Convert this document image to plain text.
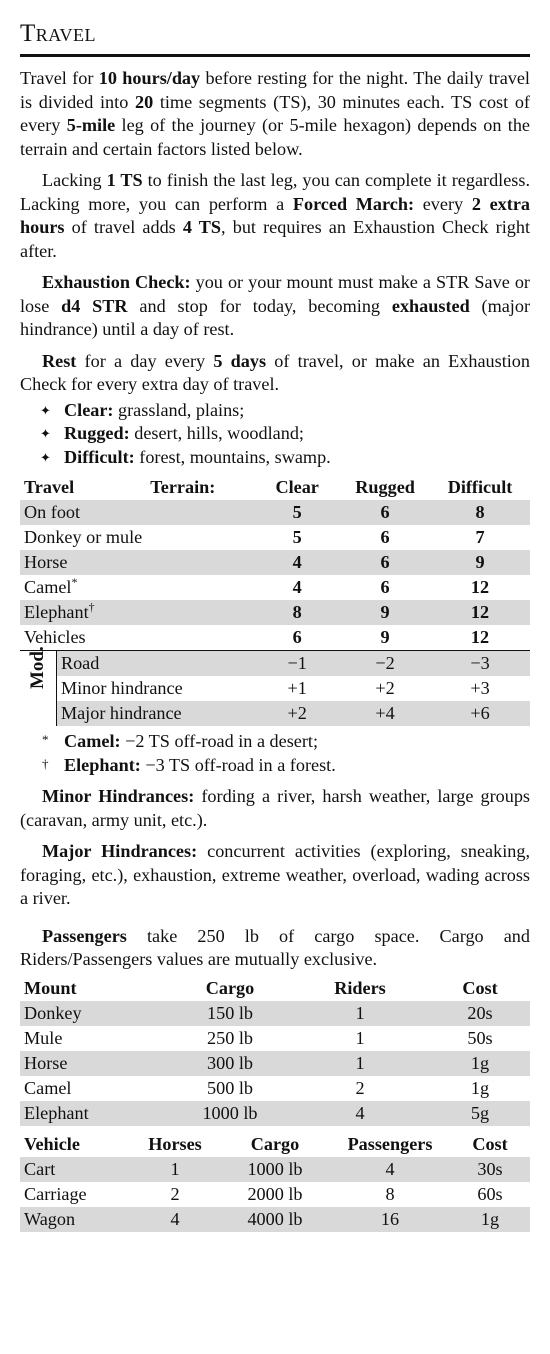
Travel

Travel for 10 hours/day before resting for the night. The daily travel is divided into 20 time segments (TS), 30 minutes each. TS cost of every 5-mile leg of the journey (or 5-mile hexagon) depends on the terrain and certain factors listed below.

Lacking 1 TS to finish the last leg, you can complete it regardless. Lacking more, you can perform a Forced March: every 2 extra hours of travel adds 4 TS, but requires an Exhaustion Check right after.

Exhaustion Check: you or your mount must make a STR Save or lose d4 STR and stop for today, becoming exhausted (major hindrance) until a day of rest.

Rest for a day every 5 days of travel, or make an Exhaustion Check for every extra day of travel.

✦ Clear: grassland, plains;
✦ Rugged: desert, hills, woodland;
✦ Difficult: forest, mountains, swamp.
Travel		Terrain:	Clear	Rugged	Difficult
On foot			5	6	8
Donkey or mule			5	6	7
Horse			4	6	9
Camel*			4	6	12
Elephant†			8	9	12
Vehicles			6	9	12

Mod.	Road		−1	−2	−3
	Minor hindrance		+1	+2	+3
	Major hindrance		+2	+4	+6
* Camel: −2 TS off-road in a desert;
† Elephant: −3 TS off-road in a forest.

Minor Hindrances: fording a river, harsh weather, large groups (caravan, army unit, etc.).

Major Hindrances: concurrent activities (exploring, sneaking, foraging, etc.), exhaustion, extreme weather, overload, wading across a river.

Passengers take 250 lb of cargo space. Cargo and Riders/Passengers values are mutually exclusive.

Mount	Cargo	Riders	Cost
Donkey	150 lb	1	20s
Mule	250 lb	1	50s
Horse	300 lb	1	1g
Camel	500 lb	2	1g
Elephant	1000 lb	4	5g
Vehicle	Horses	Cargo	Passengers	Cost
Cart	1	1000 lb	4	30s
Carriage	2	2000 lb	8	60s
Wagon	4	4000 lb	16	1g
